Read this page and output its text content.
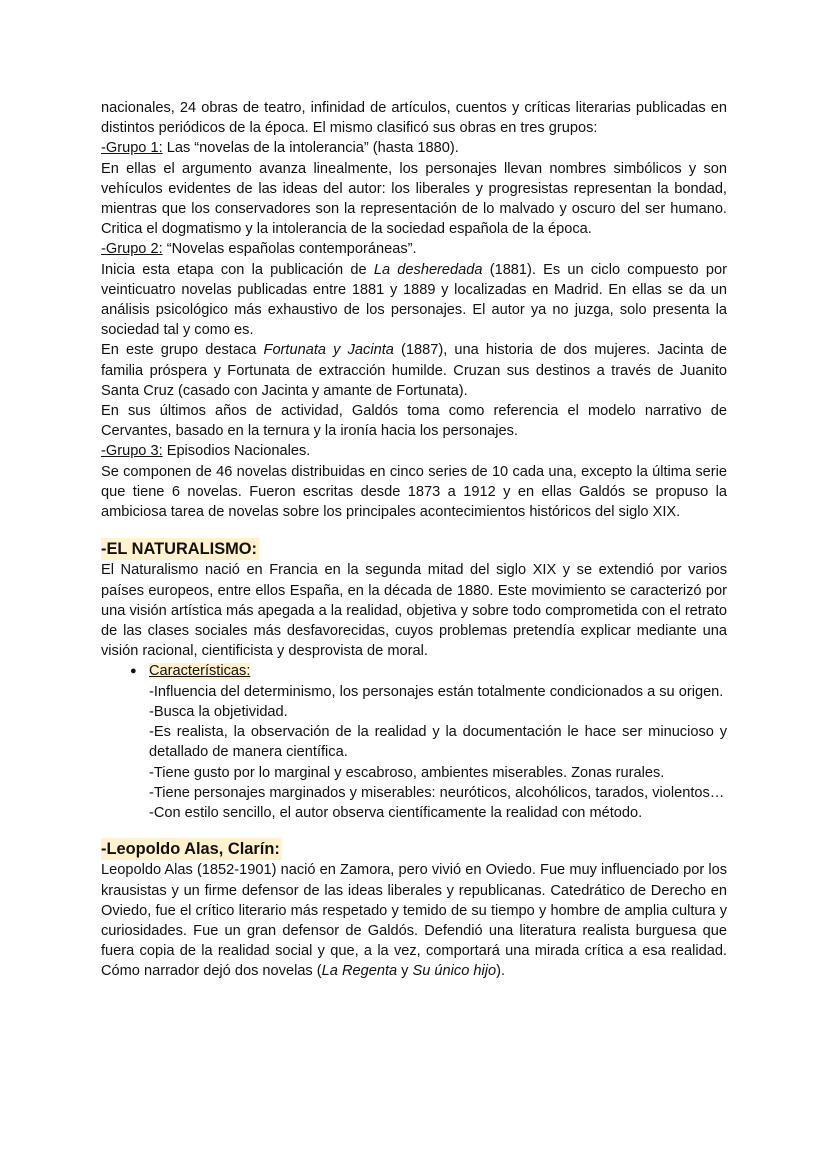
nacionales, 24 obras de teatro, infinidad de artículos, cuentos y críticas literarias publicadas en distintos periódicos de la época. El mismo clasificó sus obras en tres grupos:

-Grupo 1: Las “novelas de la intolerancia” (hasta 1880).

En ellas el argumento avanza linealmente, los personajes llevan nombres simbólicos y son vehículos evidentes de las ideas del autor: los liberales y progresistas representan la bondad, mientras que los conservadores son la representación de lo malvado y oscuro del ser humano. Critica el dogmatismo y la intolerancia de la sociedad española de la época.

-Grupo 2: “Novelas españolas contemporáneas”.

Inicia esta etapa con la publicación de La desheredada (1881). Es un ciclo compuesto por veinticuatro novelas publicadas entre 1881 y 1889 y localizadas en Madrid. En ellas se da un análisis psicológico más exhaustivo de los personajes. El autor ya no juzga, solo presenta la sociedad tal y como es.

En este grupo destaca Fortunata y Jacinta (1887), una historia de dos mujeres. Jacinta de familia próspera y Fortunata de extracción humilde. Cruzan sus destinos a través de Juanito Santa Cruz (casado con Jacinta y amante de Fortunata).

En sus últimos años de actividad, Galdós toma como referencia el modelo narrativo de Cervantes, basado en la ternura y la ironía hacia los personajes.

-Grupo 3: Episodios Nacionales.

Se componen de 46 novelas distribuidas en cinco series de 10 cada una, excepto la última serie que tiene 6 novelas. Fueron escritas desde 1873 a 1912 y en ellas Galdós se propuso la ambiciosa tarea de novelas sobre los principales acontecimientos históricos del siglo XIX.

-EL NATURALISMO:

El Naturalismo nació en Francia en la segunda mitad del siglo XIX y se extendió por varios países europeos, entre ellos España, en la década de 1880. Este movimiento se caracterizó por una visión artística más apegada a la realidad, objetiva y sobre todo comprometida con el retrato de las clases sociales más desfavorecidas, cuyos problemas pretendía explicar mediante una visión racional, cientificista y desprovista de moral.

● Características:

-Influencia del determinismo, los personajes están totalmente condicionados a su origen.

-Busca la objetividad.

-Es realista, la observación de la realidad y la documentación le hace ser minucioso y detallado de manera científica.

-Tiene gusto por lo marginal y escabroso, ambientes miserables. Zonas rurales.

-Tiene personajes marginados y miserables: neuróticos, alcohólicos, tarados, violentos…

-Con estilo sencillo, el autor observa científicamente la realidad con método.

-Leopoldo Alas, Clarín:

Leopoldo Alas (1852-1901) nació en Zamora, pero vivió en Oviedo. Fue muy influenciado por los krausistas y un firme defensor de las ideas liberales y republicanas. Catedrático de Derecho en Oviedo, fue el crítico literario más respetado y temido de su tiempo y hombre de amplia cultura y curiosidades. Fue un gran defensor de Galdós. Defendió una literatura realista burguesa que fuera copia de la realidad social y que, a la vez, comportará una mirada crítica a esa realidad. Cómo narrador dejó dos novelas (La Regenta y Su único hijo).
